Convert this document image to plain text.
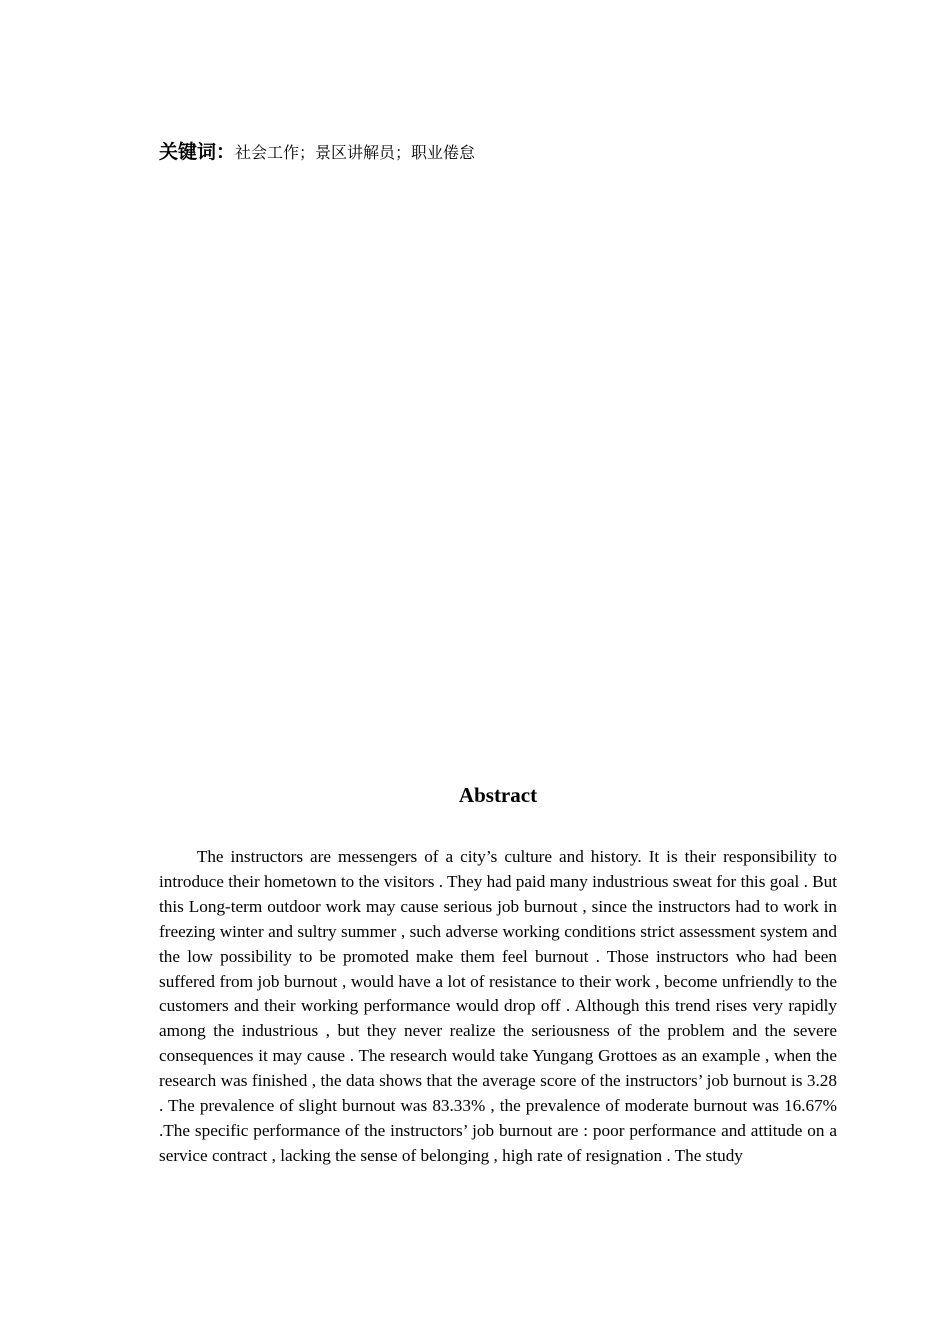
关键词：社会工作；景区讲解员；职业倦怠
Abstract

The instructors are messengers of a city’s culture and history. It is their responsibility to introduce their hometown to the visitors . They had paid many industrious sweat for this goal . But this Long-term outdoor work may cause serious job burnout , since the instructors had to work in freezing winter and sultry summer , such adverse working conditions strict assessment system and the low possibility to be promoted make them feel burnout . Those instructors who had been suffered from job burnout , would have a lot of resistance to their work , become unfriendly to the customers and their working performance would drop off . Although this trend rises very rapidly among the industrious , but they never realize the seriousness of the problem and the severe consequences it may cause . The research would take Yungang Grottoes as an example , when the research was finished , the data shows that the average score of the instructors’ job burnout is 3.28 . The prevalence of slight burnout was 83.33% , the prevalence of moderate burnout was 16.67% .The specific performance of the instructors’ job burnout are : poor performance and attitude on a service contract , lacking the sense of belonging , high rate of resignation . The study
